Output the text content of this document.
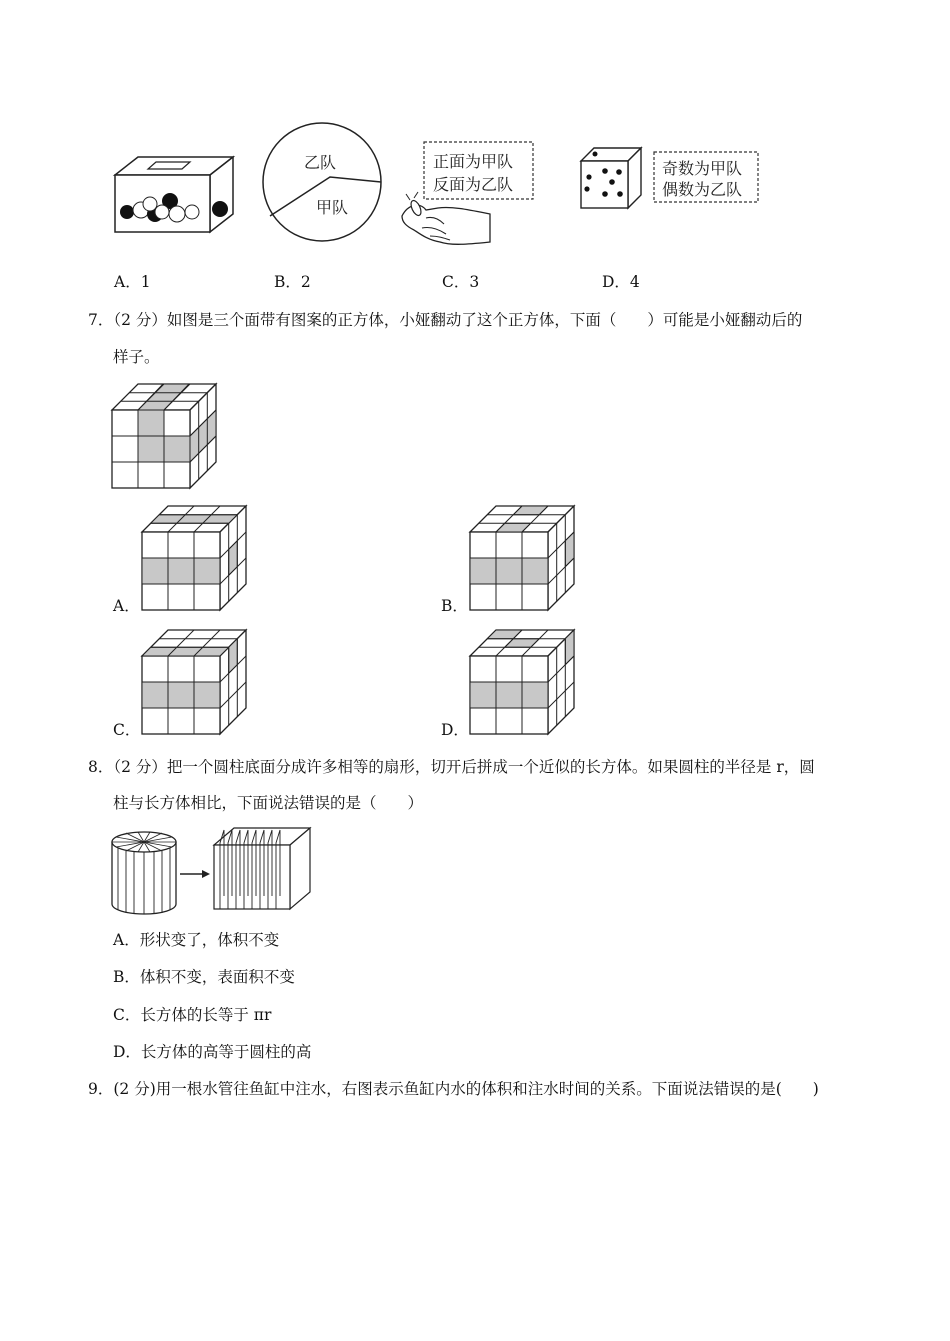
乙队
甲队
正面为甲队
反面为乙队
奇数为甲队
偶数为乙队
A．1	B．2	C．3	D．4
7．（2 分）如图是三个面带有图案的正方体，小娅翻动了这个正方体，下面（　　）可能是小娅翻动后的
样子。
A．	B．
C．	D．
8．（2 分）把一个圆柱底面分成许多相等的扇形，切开后拼成一个近似的长方体。如果圆柱的半径是 r，圆
柱与长方体相比，下面说法错误的是（　　）
A．形状变了，体积不变
B．体积不变，表面积不变
C．长方体的长等于 πr
D．长方体的高等于圆柱的高
9．(2 分)用一根水管往鱼缸中注水，右图表示鱼缸内水的体积和注水时间的关系。下面说法错误的是(　　)
